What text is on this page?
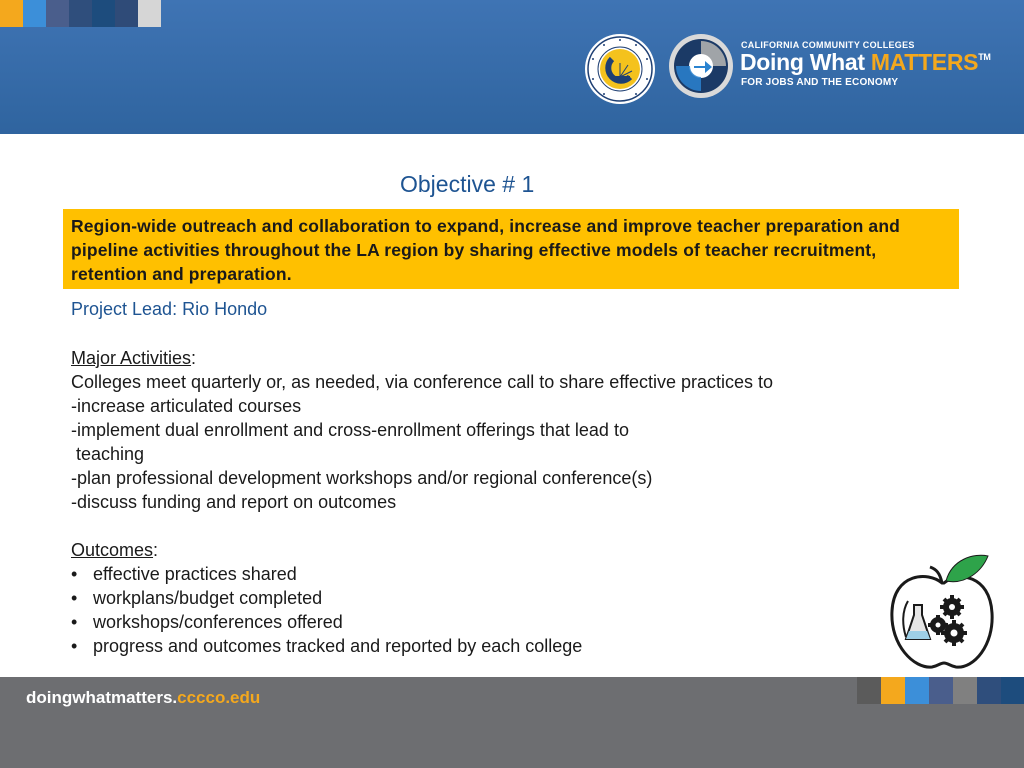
CALIFORNIA COMMUNITY COLLEGES
Doing What MATTERS™
FOR JOBS AND THE ECONOMY
Objective # 1
Region-wide outreach and collaboration to expand, increase and improve teacher preparation and pipeline activities throughout the LA region by sharing effective models of teacher recruitment, retention and preparation.
Project Lead: Rio Hondo
Major Activities:
Colleges meet quarterly or, as needed, via conference call to share effective practices to
-increase articulated courses
-implement dual enrollment and cross-enrollment offerings that lead to
teaching
-plan professional development workshops and/or regional conference(s)
-discuss funding and report on outcomes
Outcomes:
• effective practices shared
• workplans/budget completed
• workshops/conferences offered
• progress and outcomes tracked and reported by each college
doingwhatmatters.cccco.edu
